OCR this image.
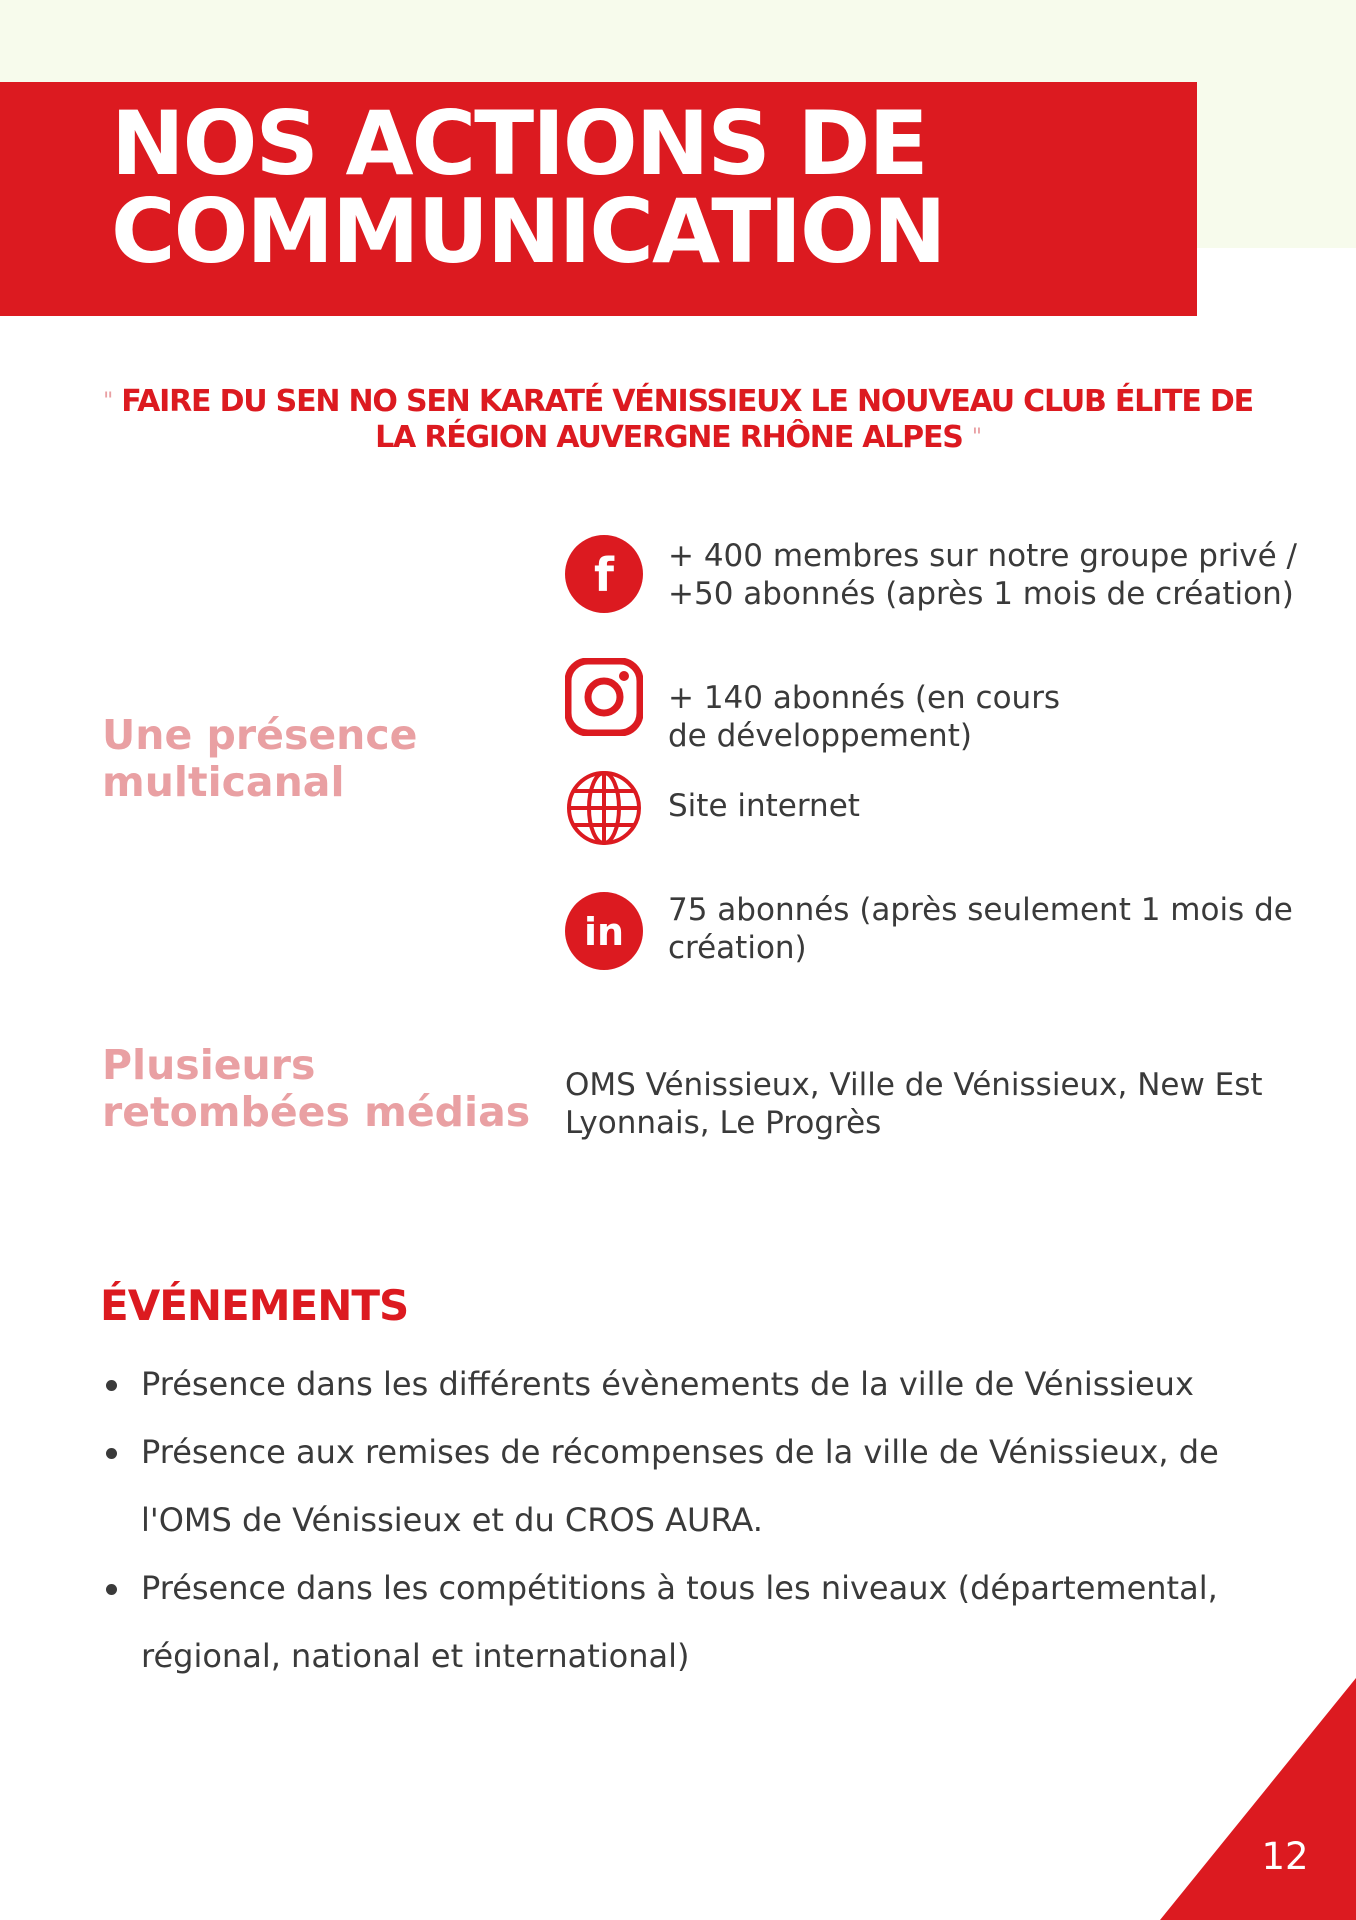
NOS ACTIONS DE
COMMUNICATION

" FAIRE DU SEN NO SEN KARATÉ VÉNISSIEUX LE NOUVEAU CLUB ÉLITE DE LA RÉGION AUVERGNE RHÔNE ALPES "

Une présence
multicanal
f + 400 membres sur notre groupe privé / +50 abonnés (après 1 mois de création)

+ 140 abonnés (en cours
de développement)

Site internet

in 75 abonnés (après seulement 1 mois de création)

Plusieurs
retombées médias

OMS Vénissieux, Ville de Vénissieux, New Est Lyonnais, Le Progrès

ÉVÉNEMENTS
Présence dans les différents évènements de la ville de Vénissieux
Présence aux remises de récompenses de la ville de Vénissieux, de l'OMS de Vénissieux et du CROS AURA.
Présence dans les compétitions à tous les niveaux (départemental, régional, national et international)

12
